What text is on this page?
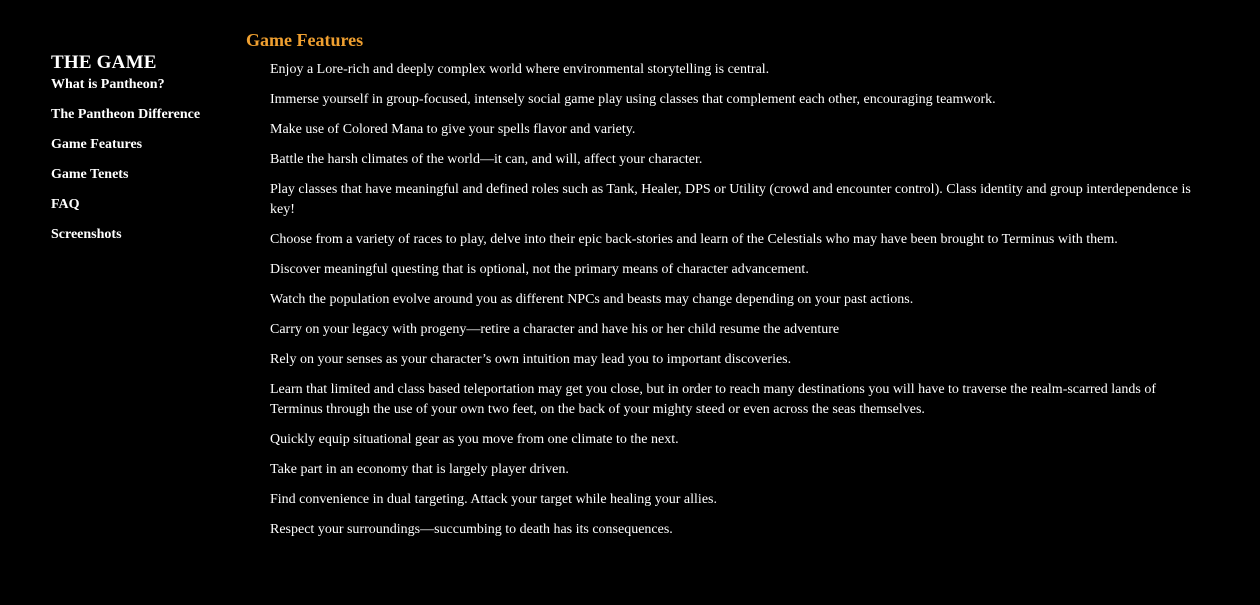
THE GAME
What is Pantheon?
The Pantheon Difference
Game Features
Game Tenets
FAQ
Screenshots
Game Features
Enjoy a Lore-rich and deeply complex world where environmental storytelling is central.
Immerse yourself in group-focused, intensely social game play using classes that complement each other, encouraging teamwork.
Make use of Colored Mana to give your spells flavor and variety.
Battle the harsh climates of the world—it can, and will, affect your character.
Play classes that have meaningful and defined roles such as Tank, Healer, DPS or Utility (crowd and encounter control). Class identity and group interdependence is key!
Choose from a variety of races to play, delve into their epic back-stories and learn of the Celestials who may have been brought to Terminus with them.
Discover meaningful questing that is optional, not the primary means of character advancement.
Watch the population evolve around you as different NPCs and beasts may change depending on your past actions.
Carry on your legacy with progeny—retire a character and have his or her child resume the adventure
Rely on your senses as your character’s own intuition may lead you to important discoveries.
Learn that limited and class based teleportation may get you close, but in order to reach many destinations you will have to traverse the realm-scarred lands of Terminus through the use of your own two feet, on the back of your mighty steed or even across the seas themselves.
Quickly equip situational gear as you move from one climate to the next.
Take part in an economy that is largely player driven.
Find convenience in dual targeting. Attack your target while healing your allies.
Respect your surroundings—succumbing to death has its consequences.
